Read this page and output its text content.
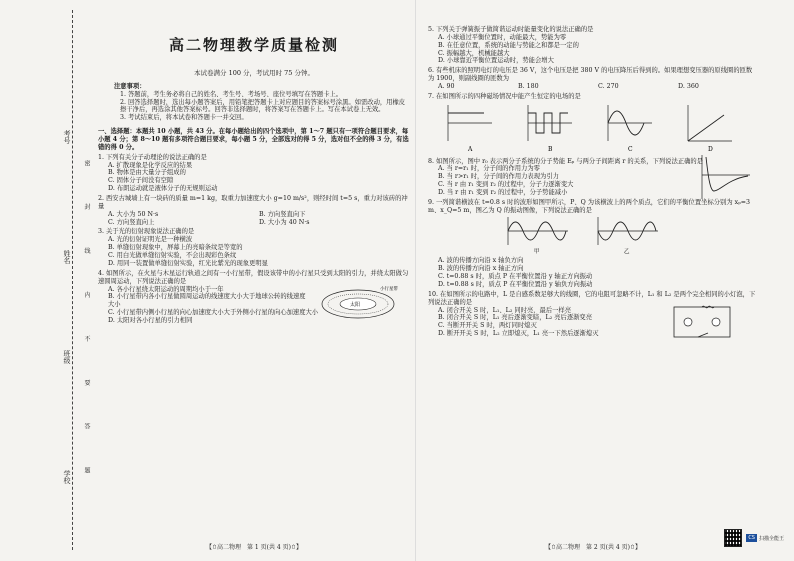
考号
姓名
班级
学校 密 封 线 内 不 要 答 题
高二物理教学质量检测
本试卷满分 100 分，考试用时 75 分钟。
注意事项：
1. 答题前，考生务必将自己的姓名、考生号、考场号、座位号填写在答题卡上。
2. 回答选择题时，选出每小题答案后，用铅笔把答题卡上对应题目的答案标号涂黑。如需改动，用橡皮擦干净后，再选涂其他答案标号。回答非选择题时，将答案写在答题卡上。写在本试卷上无效。
3. 考试结束后，将本试卷和答题卡一并交回。
一、选择题：本题共 10 小题，共 43 分。在每小题给出的四个选项中，第 1～7 题只有一项符合题目要求，每小题 4 分；第 8～10 题有多项符合题目要求，每小题 5 分，全部选对的得 5 分，选对但不全的得 3 分，有选错的得 0 分。
1. 下列有关分子动理论的说法正确的是
A. 扩散现象是化学反应的结果
B. 物体是由大量分子组成的
C. 固体分子间没有空隙
D. 布朗运动就是液体分子的无规则运动
2. 西安古城墙上有一块砖的质量 m=1 kg，取重力加速度大小 g=10 m/s²，则经时间 t=5 s，重力对该砖的冲量
A. 大小为 50 N·s	B. 方向竖直向下
C. 方向竖直向上	D. 大小为 40 N·s
3. 关于光的衍射现象说法正确的是
A. 光的衍射证明光是一种横波
B. 单缝衍射现象中，屏幕上的亮暗条纹是等宽的
C. 用白光做单缝衍射实验，不会出现彩色条纹
D. 用同一装置做单缝衍射实验，红光比紫光的现象更明显
4. 如图所示，在火星与木星运行轨道之间有一小行星带，假设该带中的小行星只受到太阳的引力，并绕太阳做匀速圆周运动，下列说法正确的是
A. 各小行星绕太阳运动的周期均小于一年
B. 小行星带内各小行星做圆周运动的线速度大小大于地球公转的线速度大小
C. 小行星带内侧小行星的向心加速度大小大于外侧小行星的向心加速度大小
D. 太阳对各小行星的引力相同
太阳
小行星带
【⇧高二物理　第 1 页(共 4 页)⇧】
5. 下列关于弹簧振子做简谐运动时能量变化的说法正确的是
A. 小球通过平衡位置时，动能最大，势能为零
B. 在任意位置，系统的动能与势能之和都是一定的
C. 振幅越大，机械能越大
D. 小球靠近平衡位置运动时，势能会增大
6. 有些机床的照明电灯的电压是 36 V，这个电压是把 380 V 的电压降压后得到的。如果理想变压器的原线圈的匝数为 1900，则副线圈的匝数为
A. 90	B. 180	C. 270	D. 360
7. 在如图所示的四种磁场情况中能产生恒定的电场的是
A	B	C	D
8. 如图所示，图中 r₀ 表示两分子系统的分子势能 Eₚ 与两分子间距离 r 的关系，下列说法正确的是
A. 当 r=r₁ 时，分子间的作用力为零
B. 当 r>r₁ 时，分子间的作用力表现为引力
C. 当 r 由 r₁ 变到 r₂ 的过程中，分子力逐渐变大
D. 当 r 由 r₁ 变到 r₂ 的过程中，分子势能减小
9. 一列简谐横波在 t=0.8 s 时的波形如图甲所示，P、Q 为该横波上的两个质点，它们的平衡位置坐标分别为 xₚ=3 m、x_Q=5 m，图乙为 Q 的振动图像，下列说法正确的是
甲	乙
A. 波的传播方向沿 x 轴负方向
B. 波的传播方向沿 x 轴正方向
C. t=0.88 s 时，质点 P 在平衡位置沿 y 轴正方向振动
D. t=0.88 s 时，质点 P 在平衡位置沿 y 轴负方向振动
10. 在如图所示的电路中，L 是自感系数足够大的线圈，它的电阻可忽略不计，L₁ 和 L₂ 是两个完全相同的小灯泡，下列说法正确的是
A. 闭合开关 S 时，L₁、L₂ 同时亮，最后一样亮
B. 闭合开关 S 时，L₁ 亮后逐渐变暗，L₂ 亮后逐渐变亮
C. 当断开开关 S 时，两灯同时熄灭
D. 断开开关 S 时，L₂ 立即熄灭，L₁ 亮一下然后逐渐熄灭
【⇧高二物理　第 2 页(共 4 页)⇧】
CS 扫描全能王
